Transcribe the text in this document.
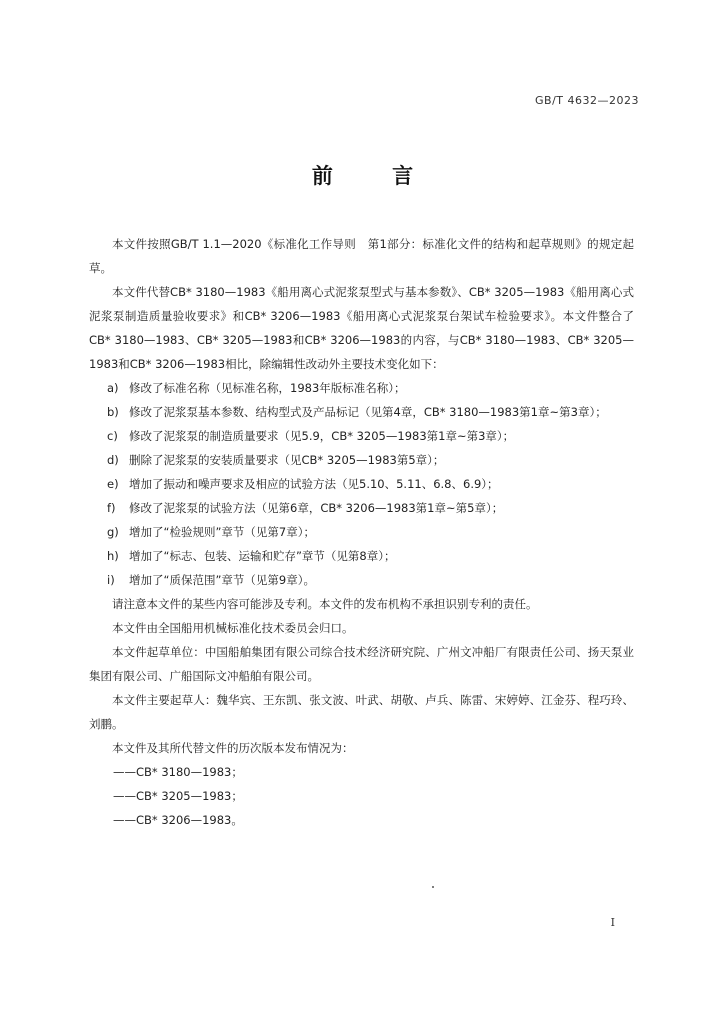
GB/T 4632—2023
前 言

本文件按照GB/T 1.1—2020《标准化工作导则　第1部分：标准化文件的结构和起草规则》的规定起草。

本文件代替CB* 3180—1983《船用离心式泥浆泵型式与基本参数》、CB* 3205—1983《船用离心式泥浆泵制造质量验收要求》和CB* 3206—1983《船用离心式泥浆泵台架试车检验要求》。本文件整合了CB* 3180—1983、CB* 3205—1983和CB* 3206—1983的内容，与CB* 3180—1983、CB* 3205—1983和CB* 3206—1983相比，除编辑性改动外主要技术变化如下：

a) 修改了标准名称（见标准名称，1983年版标准名称）；

b) 修改了泥浆泵基本参数、结构型式及产品标记（见第4章，CB* 3180—1983第1章~第3章）；

c) 修改了泥浆泵的制造质量要求（见5.9，CB* 3205—1983第1章~第3章）；

d) 删除了泥浆泵的安装质量要求（见CB* 3205—1983第5章）；

e) 增加了振动和噪声要求及相应的试验方法（见5.10、5.11、6.8、6.9）；

f) 修改了泥浆泵的试验方法（见第6章，CB* 3206—1983第1章~第5章）；

g) 增加了“检验规则”章节（见第7章）；

h) 增加了“标志、包装、运输和贮存”章节（见第8章）；

i) 增加了“质保范围”章节（见第9章）。

请注意本文件的某些内容可能涉及专利。本文件的发布机构不承担识别专利的责任。

本文件由全国船用机械标准化技术委员会归口。

本文件起草单位：中国船舶集团有限公司综合技术经济研究院、广州文冲船厂有限责任公司、扬天泵业集团有限公司、广船国际文冲船舶有限公司。

本文件主要起草人：魏华宾、王东凯、张文波、叶武、胡敬、卢兵、陈雷、宋婷婷、江金芬、程巧玲、刘鹏。

本文件及其所代替文件的历次版本发布情况为：

——CB* 3180—1983；

——CB* 3205—1983；

——CB* 3206—1983。

I
